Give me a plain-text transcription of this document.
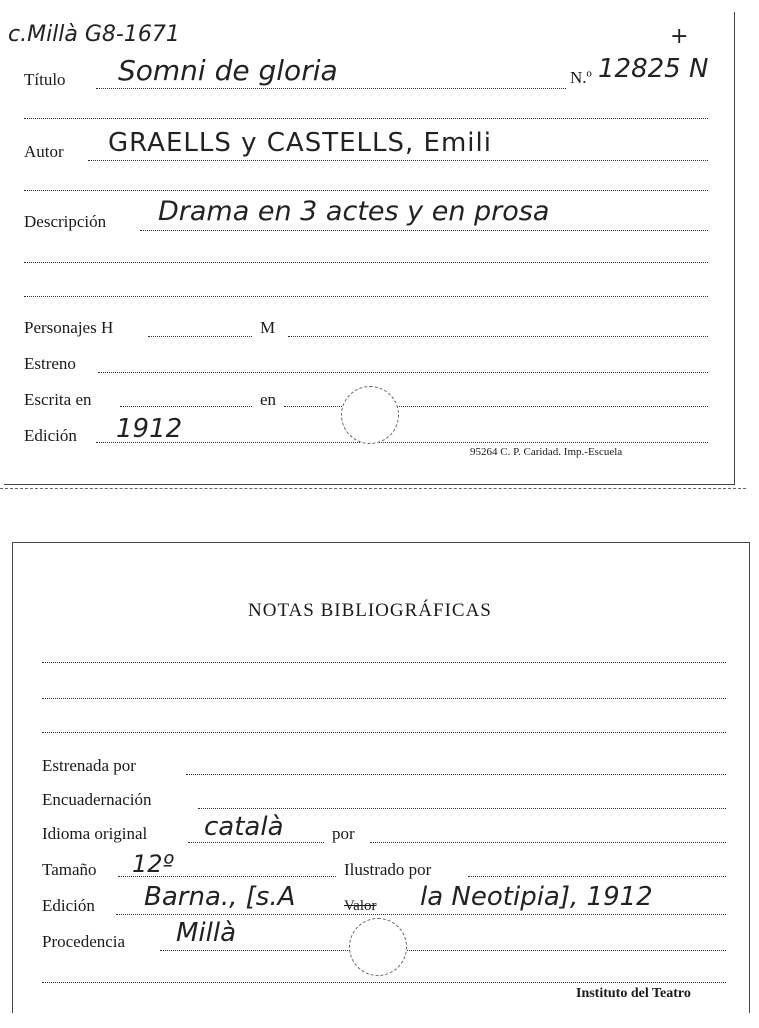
c.Millà G8-1671	+
Título Somni de gloria	N.º 12825 N
Autor GRAELLS y CASTELLS, Emili
Descripción Drama en 3 actes y en prosa
Personajes H	M
Estreno
Escrita en	en
Edición 1912
95264 C. P. Caridad. Imp.-Escuela
NOTAS BIBLIOGRÁFICAS
Estrenada por
Encuadernación
Idioma original català	por
Tamaño 12º	Ilustrado por
Edición Barna., [s.A	Valor la Neotipia], 1912
Procedencia Millà
Instituto del Teatro
